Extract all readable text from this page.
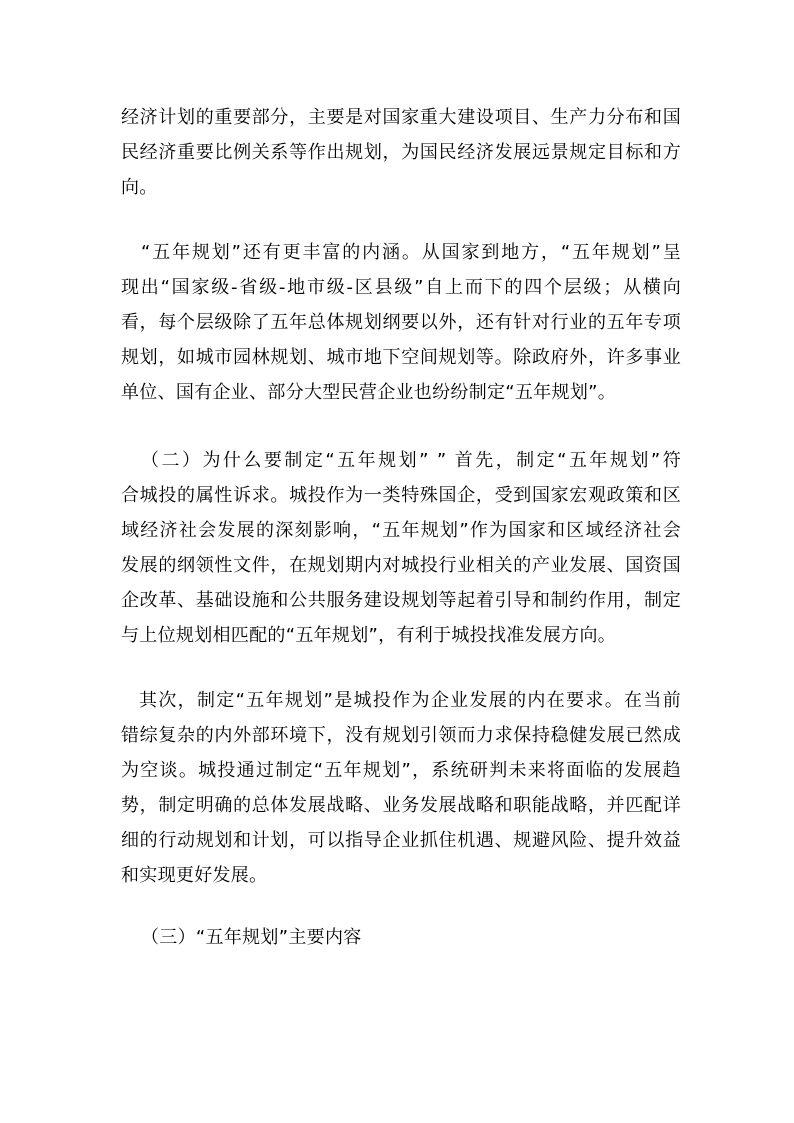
经济计划的重要部分，主要是对国家重大建设项目、生产力分布和国
民经济重要比例关系等作出规划，为国民经济发展远景规定目标和方
向。
“五年规划”还有更丰富的内涵。从国家到地方，“五年规划”呈
现出“国家级-省级-地市级-区县级”自上而下的四个层级；从横向
看，每个层级除了五年总体规划纲要以外，还有针对行业的五年专项
规划，如城市园林规划、城市地下空间规划等。除政府外，许多事业
单位、国有企业、部分大型民营企业也纷纷制定“五年规划”。
（二）为什么要制定“五年规划” ” 首先，制定“五年规划”符
合城投的属性诉求。城投作为一类特殊国企，受到国家宏观政策和区
域经济社会发展的深刻影响，“五年规划”作为国家和区域经济社会
发展的纲领性文件，在规划期内对城投行业相关的产业发展、国资国
企改革、基础设施和公共服务建设规划等起着引导和制约作用，制定
与上位规划相匹配的“五年规划”，有利于城投找准发展方向。
其次，制定“五年规划”是城投作为企业发展的内在要求。在当前
错综复杂的内外部环境下，没有规划引领而力求保持稳健发展已然成
为空谈。城投通过制定“五年规划”，系统研判未来将面临的发展趋
势，制定明确的总体发展战略、业务发展战略和职能战略，并匹配详
细的行动规划和计划，可以指导企业抓住机遇、规避风险、提升效益
和实现更好发展。
（三）“五年规划”主要内容
